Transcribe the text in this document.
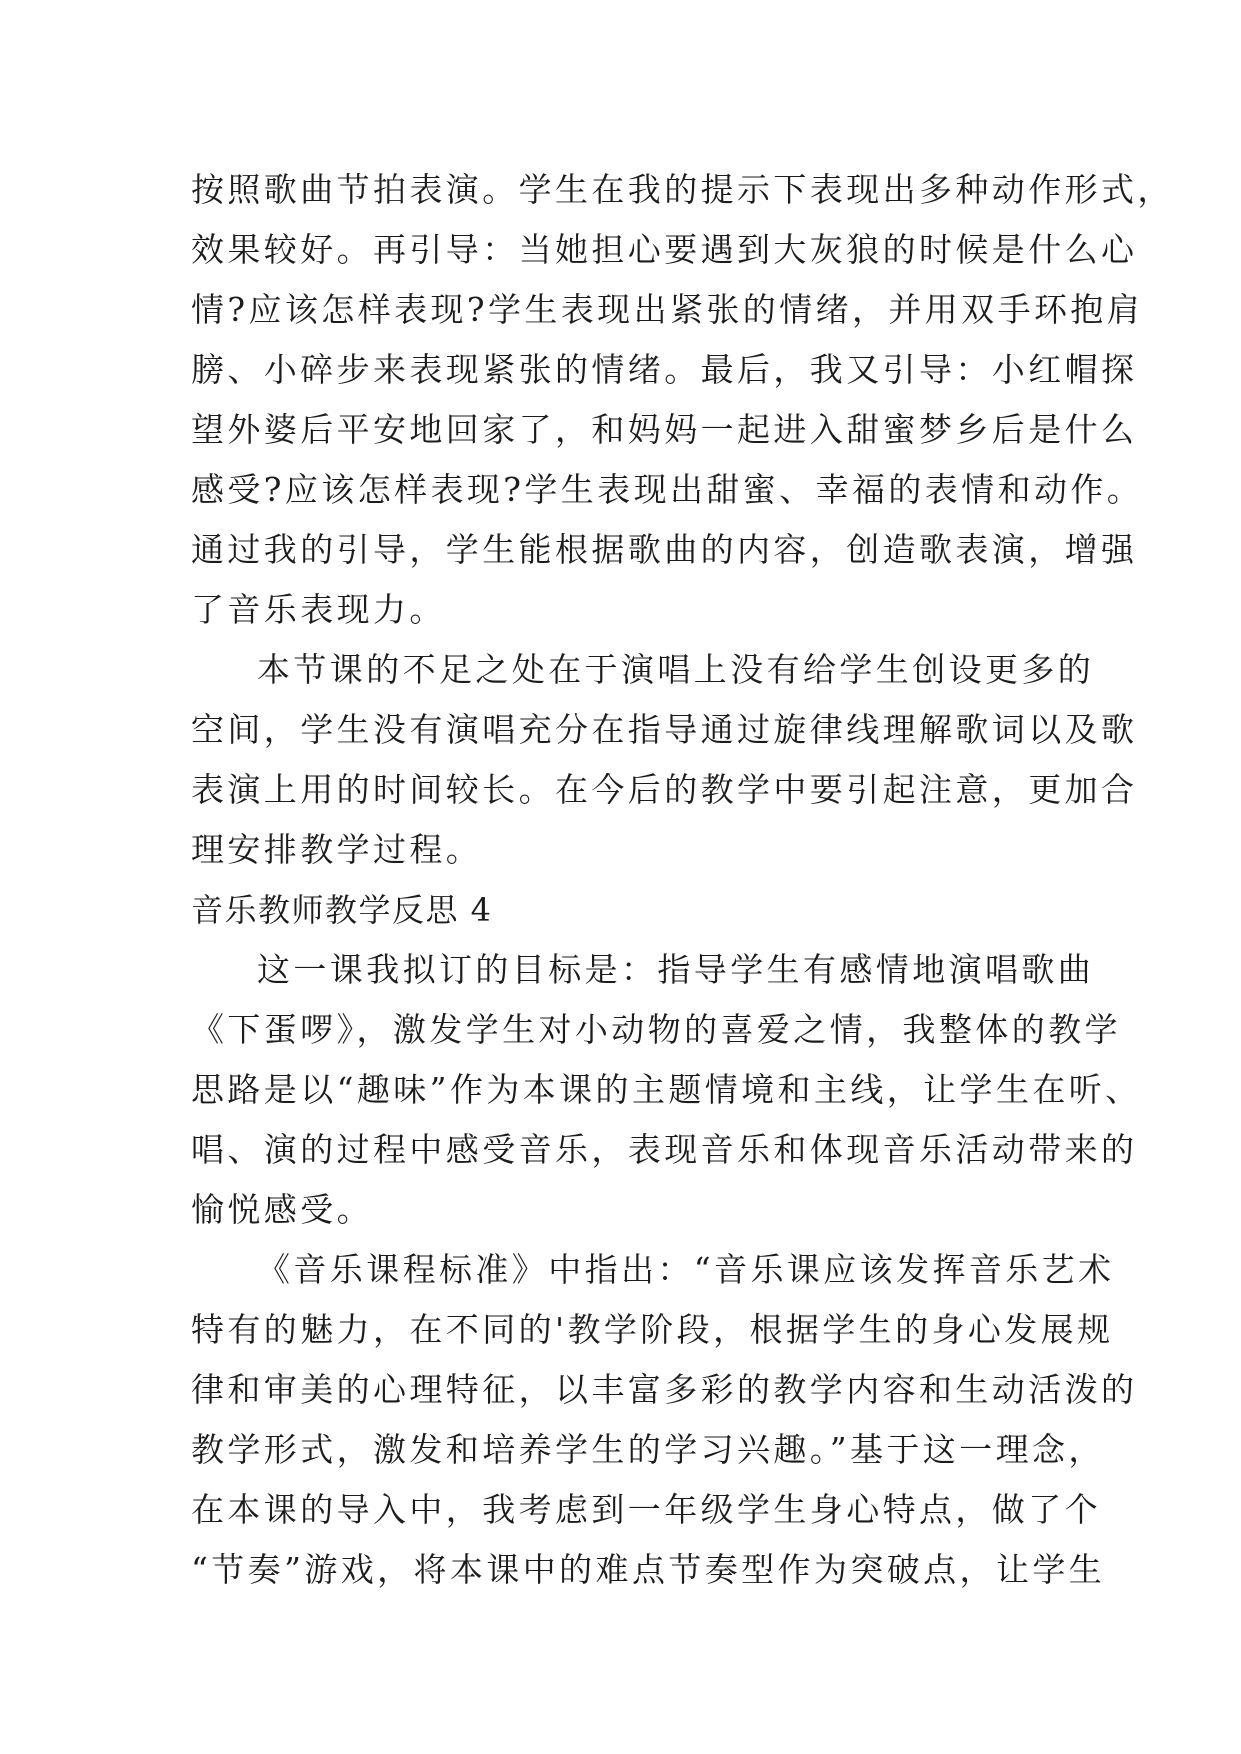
按照歌曲节拍表演。学生在我的提示下表现出多种动作形式，
效果较好。再引导：当她担心要遇到大灰狼的时候是什么心
情?应该怎样表现?学生表现出紧张的情绪，并用双手环抱肩
膀、小碎步来表现紧张的情绪。最后，我又引导：小红帽探
望外婆后平安地回家了，和妈妈一起进入甜蜜梦乡后是什么
感受?应该怎样表现?学生表现出甜蜜、幸福的表情和动作。
通过我的引导，学生能根据歌曲的内容，创造歌表演，增强
了音乐表现力。
本节课的不足之处在于演唱上没有给学生创设更多的
空间，学生没有演唱充分在指导通过旋律线理解歌词以及歌
表演上用的时间较长。在今后的教学中要引起注意，更加合
理安排教学过程。
音乐教师教学反思 4
这一课我拟订的目标是：指导学生有感情地演唱歌曲
《下蛋啰》，激发学生对小动物的喜爱之情，我整体的教学
思路是以“趣味”作为本课的主题情境和主线，让学生在听、
唱、演的过程中感受音乐，表现音乐和体现音乐活动带来的
愉悦感受。
《音乐课程标准》中指出：“音乐课应该发挥音乐艺术
特有的魅力，在不同的'教学阶段，根据学生的身心发展规
律和审美的心理特征，以丰富多彩的教学内容和生动活泼的
教学形式，激发和培养学生的学习兴趣。”基于这一理念，
在本课的导入中，我考虑到一年级学生身心特点，做了个
“节奏”游戏，将本课中的难点节奏型作为突破点，让学生
